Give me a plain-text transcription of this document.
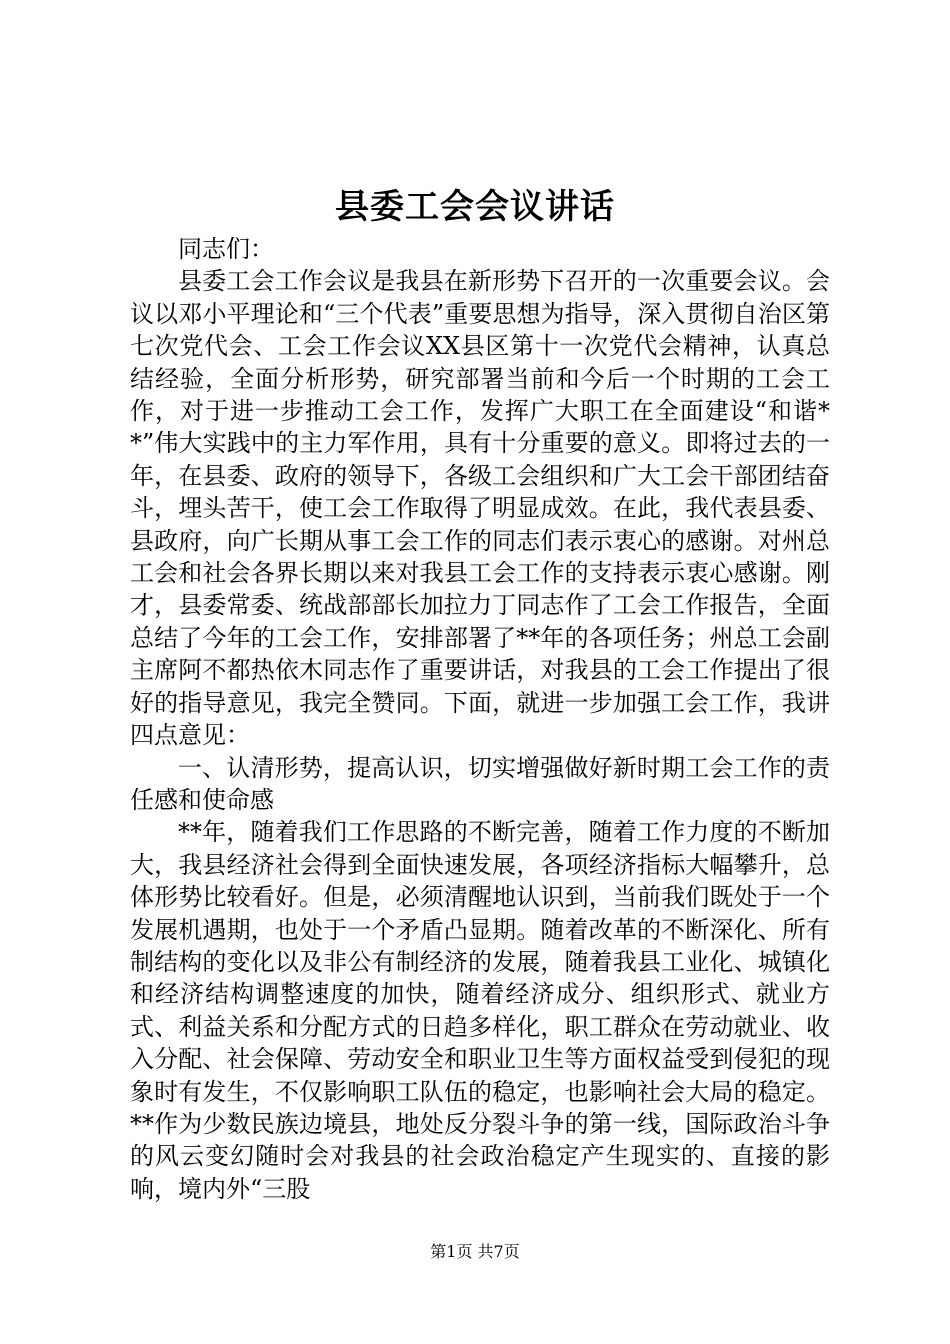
县委工会会议讲话

同志们：

县委工会工作会议是我县在新形势下召开的一次重要会议。会议以邓小平理论和“三个代表”重要思想为指导，深入贯彻自治区第七次党代会、工会工作会议XX县区第十一次党代会精神，认真总结经验，全面分析形势，研究部署当前和今后一个时期的工会工作，对于进一步推动工会工作，发挥广大职工在全面建设“和谐**”伟大实践中的主力军作用，具有十分重要的意义。即将过去的一年，在县委、政府的领导下，各级工会组织和广大工会干部团结奋斗，埋头苦干，使工会工作取得了明显成效。在此，我代表县委、县政府，向广长期从事工会工作的同志们表示衷心的感谢。对州总工会和社会各界长期以来对我县工会工作的支持表示衷心感谢。刚才，县委常委、统战部部长加拉力丁同志作了工会工作报告，全面总结了今年的工会工作，安排部署了**年的各项任务；州总工会副主席阿不都热依木同志作了重要讲话，对我县的工会工作提出了很好的指导意见，我完全赞同。下面，就进一步加强工会工作，我讲四点意见：

一、认清形势，提高认识，切实增强做好新时期工会工作的责任感和使命感

**年，随着我们工作思路的不断完善，随着工作力度的不断加大，我县经济社会得到全面快速发展，各项经济指标大幅攀升，总体形势比较看好。但是，必须清醒地认识到，当前我们既处于一个发展机遇期，也处于一个矛盾凸显期。随着改革的不断深化、所有制结构的变化以及非公有制经济的发展，随着我县工业化、城镇化和经济结构调整速度的加快，随着经济成分、组织形式、就业方式、利益关系和分配方式的日趋多样化，职工群众在劳动就业、收入分配、社会保障、劳动安全和职业卫生等方面权益受到侵犯的现象时有发生，不仅影响职工队伍的稳定，也影响社会大局的稳定。**作为少数民族边境县，地处反分裂斗争的第一线，国际政治斗争的风云变幻随时会对我县的社会政治稳定产生现实的、直接的影响，境内外“三股

第1页 共7页
